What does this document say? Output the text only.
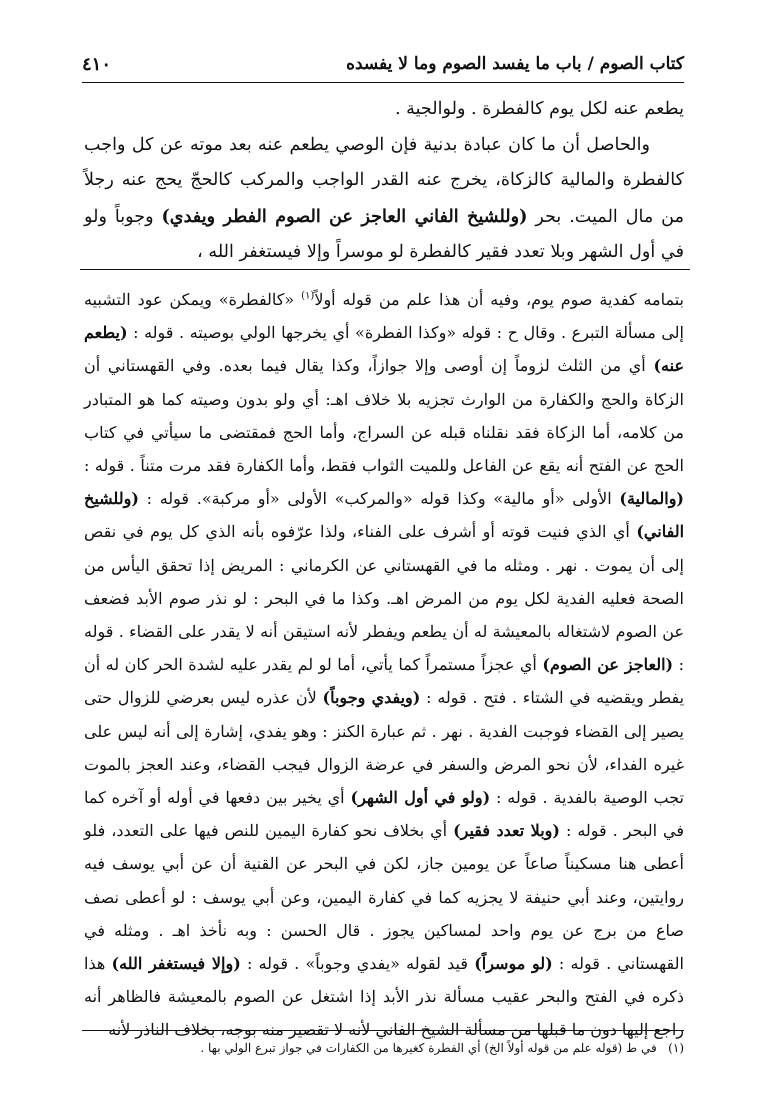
كتاب الصوم / باب ما يفسد الصوم وما لا يفسده
٤١٠

يطعم عنه لكل يوم كالفطرة . ولوالجية .

والحاصل أن ما كان عبادة بدنية فإن الوصي يطعم عنه بعد موته عن كل واجب كالفطرة والمالية كالزكاة، يخرج عنه القدر الواجب والمركب كالحجّ يحج عنه رجلاً من مال الميت. بحر (وللشيخ الفاني العاجز عن الصوم الفطر ويفدي) وجوباً ولو في أول الشهر وبلا تعدد فقير كالفطرة لو موسراً وإلا فيستغفر الله ،

بتمامه كفدية صوم يوم، وفيه أن هذا علم من قوله أولاً$^{(١)}$ «كالفطرة» ويمكن عود التشبيه إلى مسألة التبرع . وقال ح : قوله «وكذا الفطرة» أي يخرجها الولي بوصيته . قوله : (يطعم عنه) أي من الثلث لزوماً إن أوصى وإلا جوازاً، وكذا يقال فيما بعده. وفي القهستاني أن الزكاة والحج والكفارة من الوارث تجزيه بلا خلاف اهـ: أي ولو بدون وصيته كما هو المتبادر من كلامه، أما الزكاة فقد نقلناه قبله عن السراج، وأما الحج فمقتضى ما سيأتي في كتاب الحج عن الفتح أنه يقع عن الفاعل وللميت الثواب فقط، وأما الكفارة فقد مرت متناً . قوله : (والمالية) الأولى «أو مالية» وكذا قوله «والمركب» الأولى «أو مركبة». قوله : (وللشيخ الفاني) أي الذي فنيت قوته أو أشرف على الفناء، ولذا عرّفوه بأنه الذي كل يوم في نقص إلى أن يموت . نهر . ومثله ما في القهستاني عن الكرماني : المريض إذا تحقق اليأس من الصحة فعليه الفدية لكل يوم من المرض اهـ. وكذا ما في البحر : لو نذر صوم الأبد فضعف عن الصوم لاشتغاله بالمعيشة له أن يطعم ويفطر لأنه استيقن أنه لا يقدر على القضاء . قوله : (العاجز عن الصوم) أي عجزاً مستمراً كما يأتي، أما لو لم يقدر عليه لشدة الحر كان له أن يفطر ويقضيه في الشتاء . فتح . قوله : (ويفدي وجوباً) لأن عذره ليس بعرضي للزوال حتى يصير إلى القضاء فوجبت الفدية . نهر . ثم عبارة الكنز : وهو يفدي، إشارة إلى أنه ليس على غيره الفداء، لأن نحو المرض والسفر في عرضة الزوال فيجب القضاء، وعند العجز بالموت تجب الوصية بالفدية . قوله : (ولو في أول الشهر) أي يخير بين دفعها في أوله أو آخره كما في البحر . قوله : (وبلا تعدد فقير) أي بخلاف نحو كفارة اليمين للنص فيها على التعدد، فلو أعطى هنا مسكيناً صاعاً عن يومين جاز، لكن في البحر عن القنية أن عن أبي يوسف فيه روايتين، وعند أبي حنيفة لا يجزيه كما في كفارة اليمين، وعن أبي يوسف : لو أعطى نصف صاع من برج عن يوم واحد لمساكين يجوز . قال الحسن : وبه نأخذ اهـ . ومثله في القهستاني . قوله : (لو موسراً) قيد لقوله «يفدي وجوباً» . قوله : (وإلا فيستغفر الله) هذا ذكره في الفتح والبحر عقيب مسألة نذر الأبد إذا اشتغل عن الصوم بالمعيشة فالظاهر أنه راجع إليها دون ما قبلها من مسألة الشيخ الفاني لأنه لا تقصير منه بوجه، بخلاف الناذر لأنه

(١)   في ط (قوله علم من قوله أولاً الخ) أي الفطرة كغيرها من الكفارات في جواز تبرع الولي بها .
